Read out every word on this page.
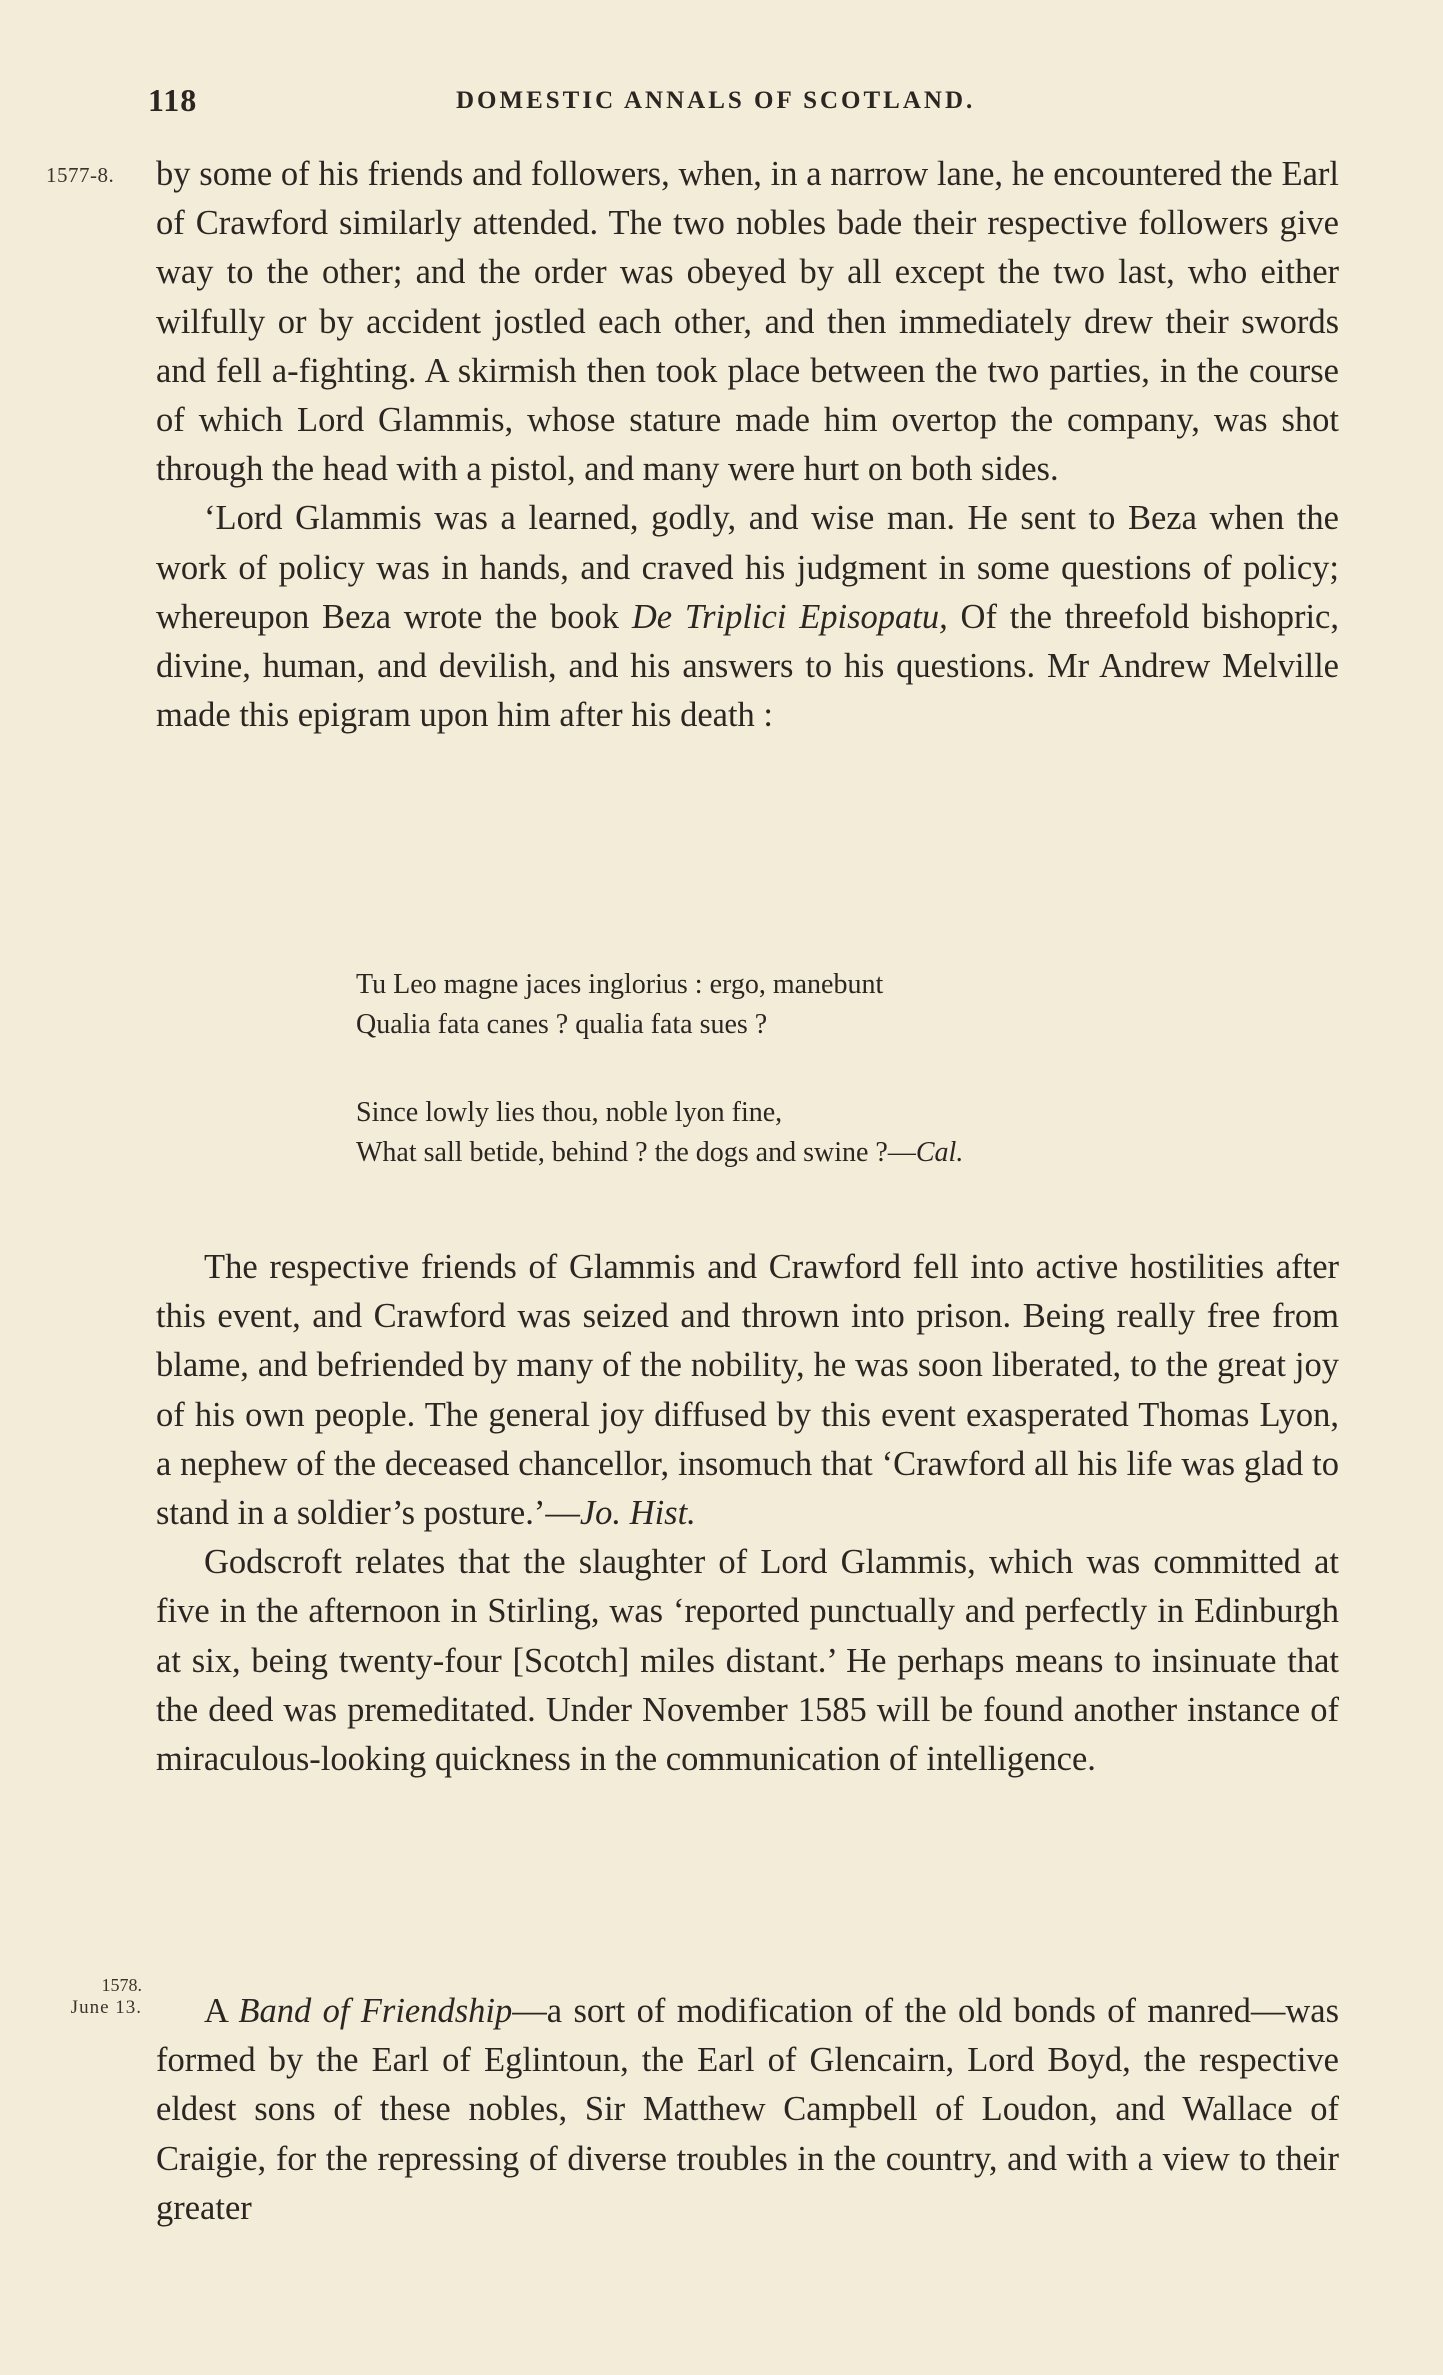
118	DOMESTIC ANNALS OF SCOTLAND.
1577-8. by some of his friends and followers, when, in a narrow lane, he encountered the Earl of Crawford similarly attended. The two nobles bade their respective followers give way to the other; and the order was obeyed by all except the two last, who either wilfully or by accident jostled each other, and then immediately drew their swords and fell a-fighting. A skirmish then took place between the two parties, in the course of which Lord Glammis, whose stature made him overtop the company, was shot through the head with a pistol, and many were hurt on both sides.

‘Lord Glammis was a learned, godly, and wise man. He sent to Beza when the work of policy was in hands, and craved his judgment in some questions of policy; whereupon Beza wrote the book De Triplici Episopatu, Of the threefold bishopric, divine, human, and devilish, and his answers to his questions. Mr Andrew Melville made this epigram upon him after his death :

Tu Leo magne jaces inglorius : ergo, manebunt
Qualia fata canes ? qualia fata sues ?
Since lowly lies thou, noble lyon fine,
What sall betide, behind ? the dogs and swine ?—Cal.

The respective friends of Glammis and Crawford fell into active hostilities after this event, and Crawford was seized and thrown into prison. Being really free from blame, and befriended by many of the nobility, he was soon liberated, to the great joy of his own people. The general joy diffused by this event exasperated Thomas Lyon, a nephew of the deceased chancellor, insomuch that ‘Crawford all his life was glad to stand in a soldier’s posture.’—Jo. Hist.

Godscroft relates that the slaughter of Lord Glammis, which was committed at five in the afternoon in Stirling, was ‘reported punctually and perfectly in Edinburgh at six, being twenty-four [Scotch] miles distant.’ He perhaps means to insinuate that the deed was premeditated. Under November 1585 will be found another instance of miraculous-looking quickness in the communication of intelligence.

1578.
June 13.	A Band of Friendship—a sort of modification of the old bonds of manred—was formed by the Earl of Eglintoun, the Earl of Glencairn, Lord Boyd, the respective eldest sons of these nobles, Sir Matthew Campbell of Loudon, and Wallace of Craigie, for the repressing of diverse troubles in the country, and with a view to their greater
